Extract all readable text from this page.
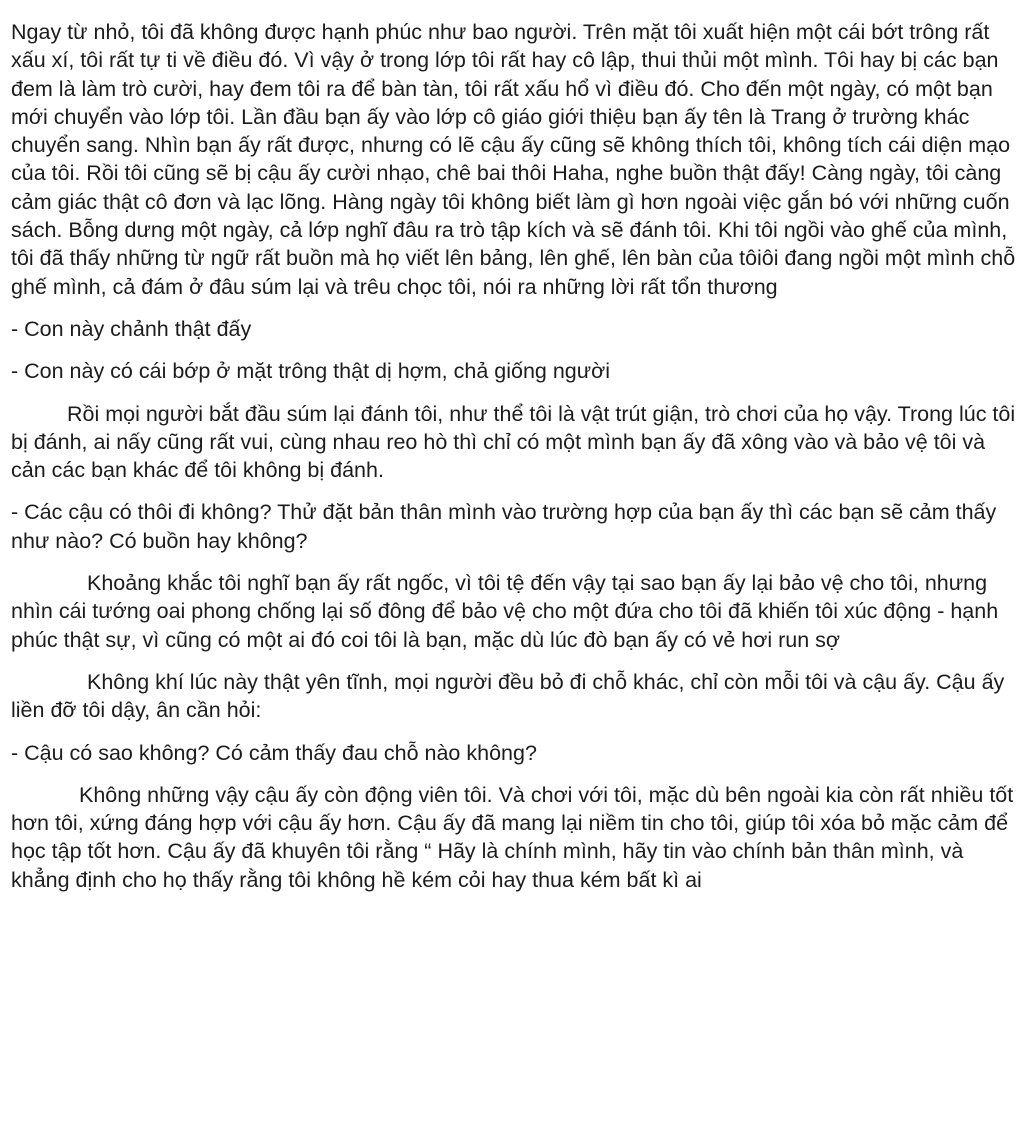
Ngay từ nhỏ, tôi đã không được hạnh phúc như bao người. Trên mặt tôi xuất hiện một cái bớt trông rất xấu xí, tôi rất tự ti về điều đó. Vì vậy ở trong lớp tôi rất hay cô lập, thui thủi một mình. Tôi hay bị các bạn đem là làm trò cười, hay đem tôi ra để bàn tàn, tôi rất xấu hổ vì điều đó. Cho đến một ngày, có một bạn mới chuyển vào lớp tôi. Lần đầu bạn ấy vào lớp cô giáo giới thiệu bạn ấy tên là Trang ở trường khác chuyển sang. Nhìn bạn ấy rất được, nhưng có lẽ cậu ấy cũng sẽ không thích tôi, không tích cái diện mạo của tôi. Rồi tôi cũng sẽ bị cậu ấy cười nhạo, chê bai thôi Haha, nghe buồn thật đấy! Càng ngày, tôi càng cảm giác thật cô đơn và lạc lõng. Hàng ngày tôi không biết làm gì hơn ngoài việc gắn bó với những cuốn sách. Bỗng dưng một ngày, cả lớp nghĩ đâu ra trò tập kích và sẽ đánh tôi. Khi tôi ngồi vào ghế của mình, tôi đã thấy những từ ngữ rất buồn mà họ viết lên bảng, lên ghế, lên bàn của tôiôi đang ngồi một mình chỗ ghế mình, cả đám ở đâu súm lại và trêu chọc tôi, nói ra những lời rất tổn thương

- Con này chảnh thật đấy

- Con này có cái bớp ở mặt trông thật dị hợm, chả giống người

Rồi mọi người bắt đầu súm lại đánh tôi, như thể tôi là vật trút giận, trò chơi của họ vậy. Trong lúc tôi bị đánh, ai nấy cũng rất vui, cùng nhau reo hò thì chỉ có một mình bạn ấy đã xông vào và bảo vệ tôi và cản các bạn khác để tôi không bị đánh.

- Các cậu có thôi đi không? Thử đặt bản thân mình vào trường hợp của bạn ấy thì các bạn sẽ cảm thấy như nào? Có buồn hay không?

Khoảng khắc tôi nghĩ bạn ấy rất ngốc, vì tôi tệ đến vậy tại sao bạn ấy lại bảo vệ cho tôi, nhưng nhìn cái tướng oai phong chống lại số đông để bảo vệ cho một đứa cho tôi đã khiến tôi xúc động - hạnh phúc thật sự, vì cũng có một ai đó coi tôi là bạn, mặc dù lúc đò bạn ấy có vẻ hơi run sợ

Không khí lúc này thật yên tĩnh, mọi người đều bỏ đi chỗ khác, chỉ còn mỗi tôi và cậu ấy. Cậu ấy liền đỡ tôi dậy, ân cần hỏi:

- Cậu có sao không? Có cảm thấy đau chỗ nào không?

Không những vậy cậu ấy còn động viên tôi. Và chơi với tôi, mặc dù bên ngoài kia còn rất nhiều tốt hơn tôi, xứng đáng hợp với cậu ấy hơn. Cậu ấy đã mang lại niềm tin cho tôi, giúp tôi xóa bỏ mặc cảm để học tập tốt hơn. Cậu ấy đã khuyên tôi rằng “ Hãy là chính mình, hãy tin vào chính bản thân mình, và khẳng định cho họ thấy rằng tôi không hề kém cỏi hay thua kém bất kì ai
